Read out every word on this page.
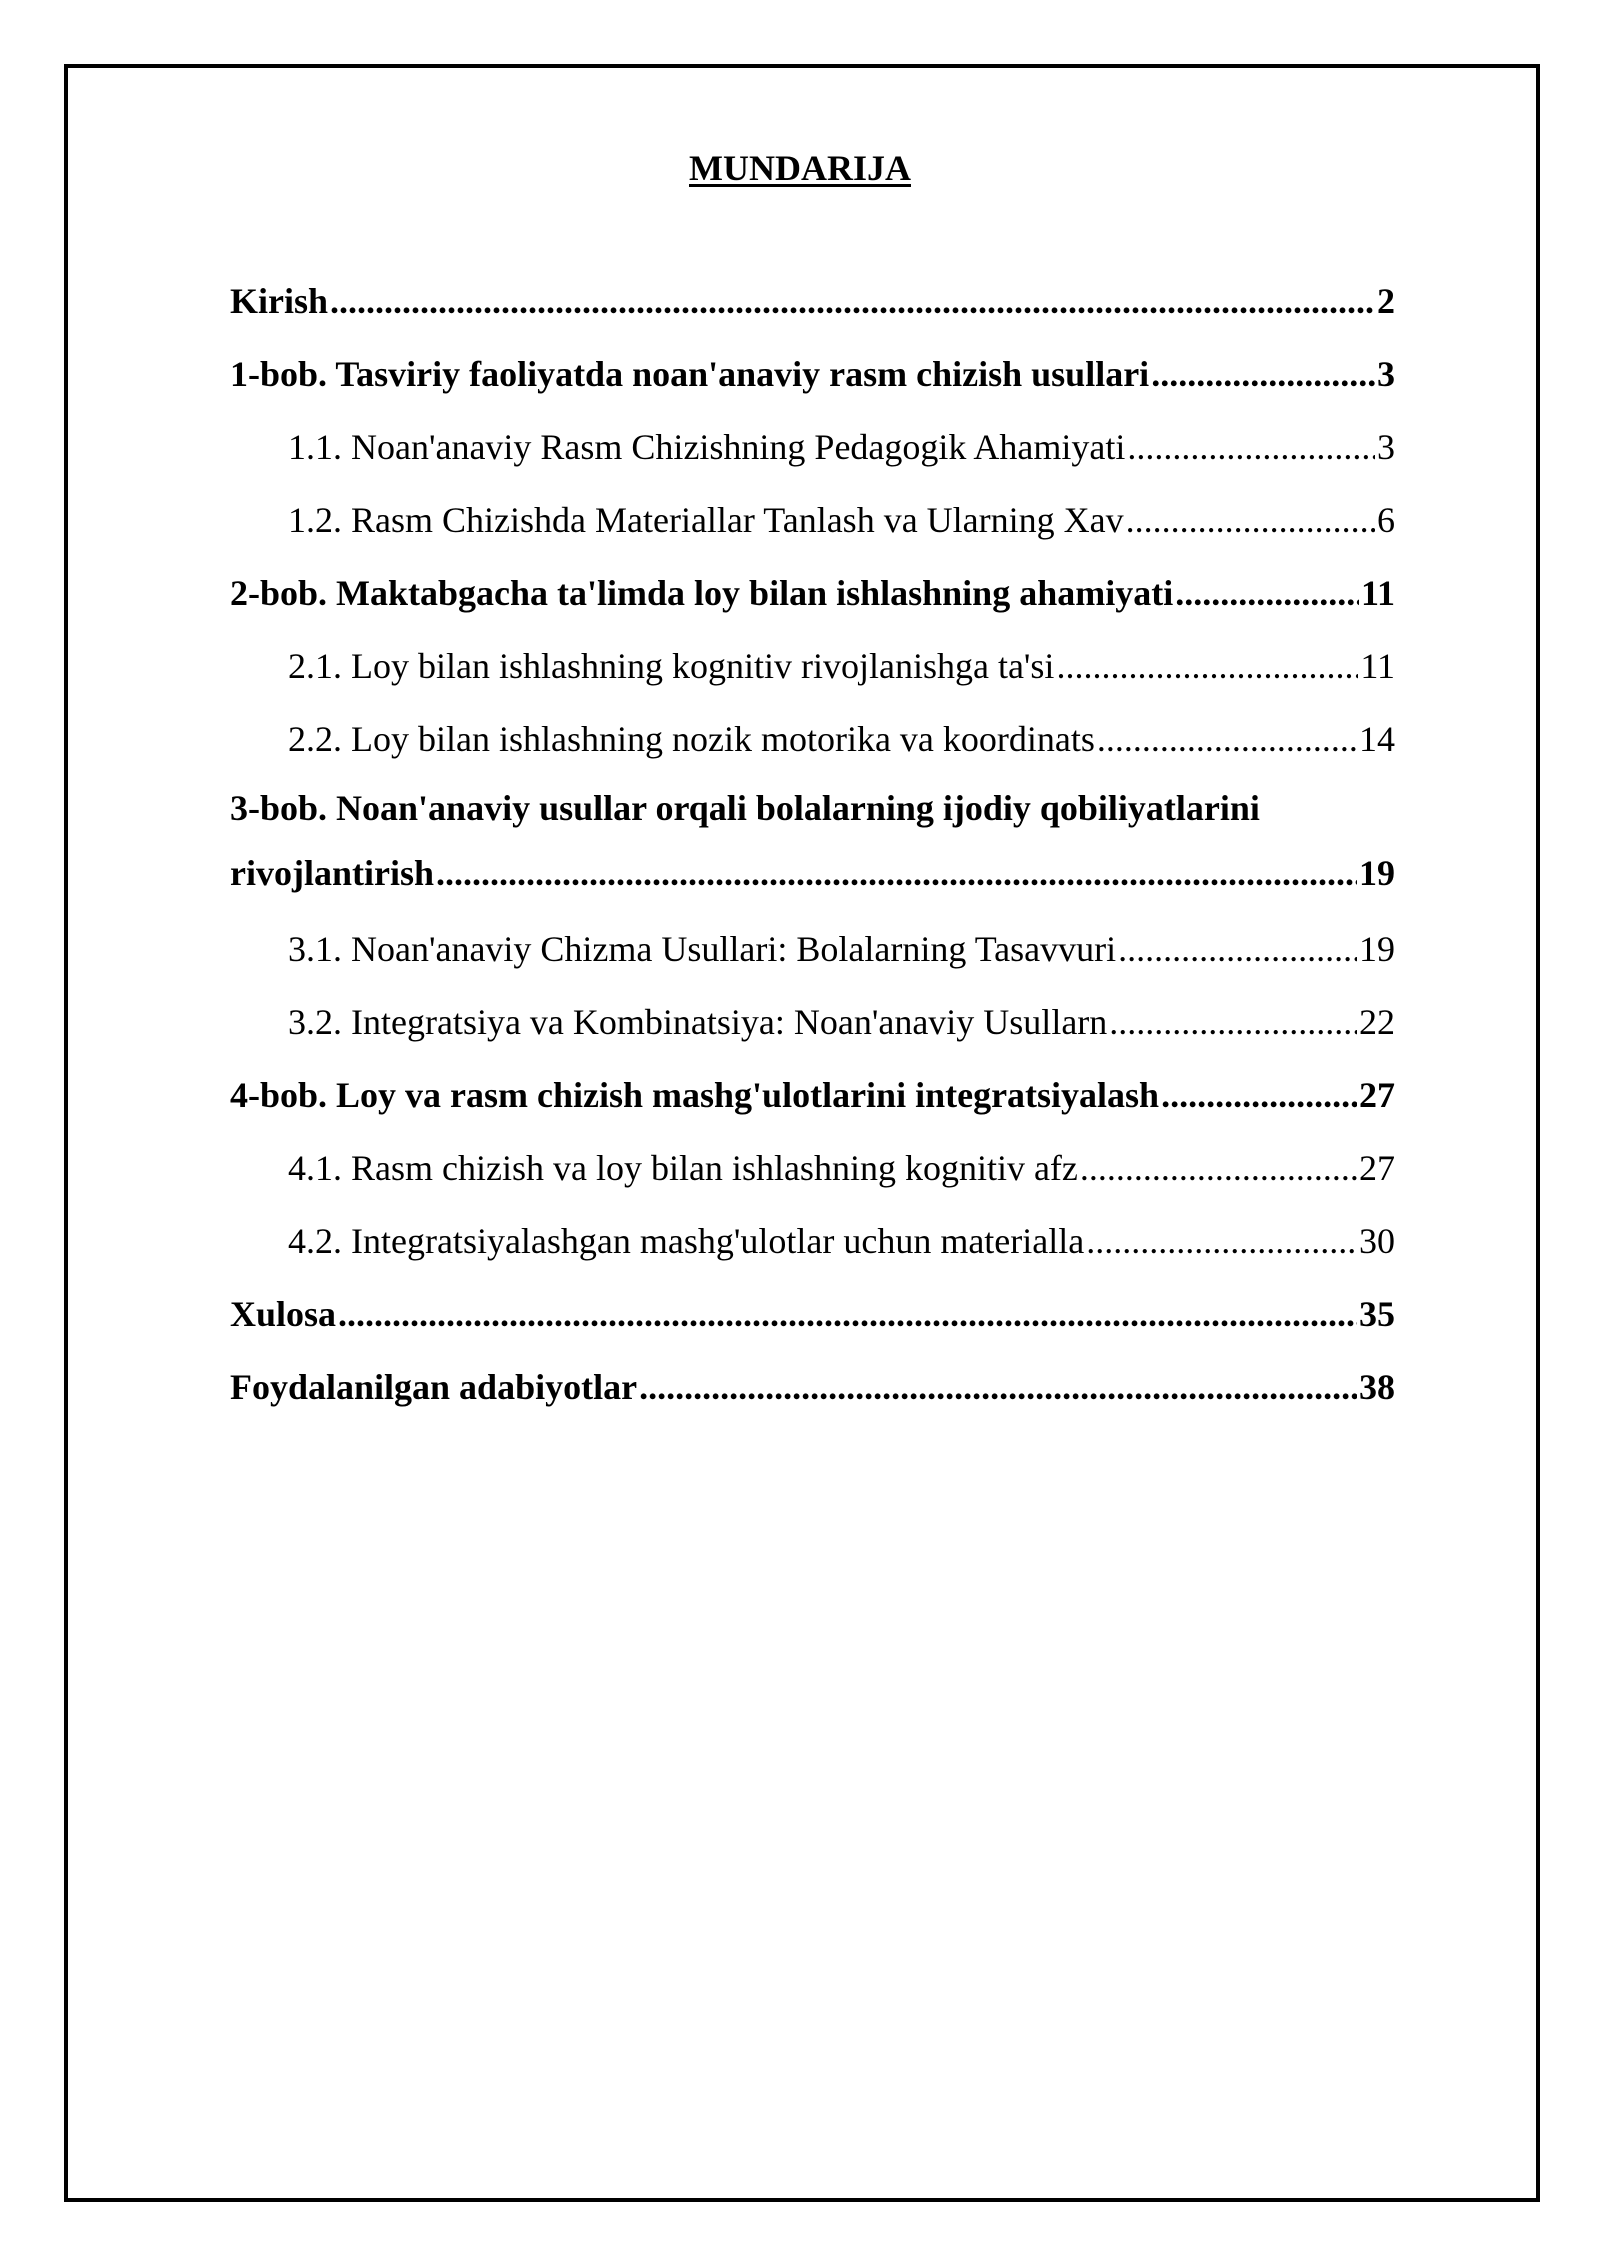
MUNDARIJA
Kirish .....	2
1-bob. Tasviriy faoliyatda noan'anaviy rasm chizish usullari .....	3
1.1. Noan'anaviy Rasm Chizishning Pedagogik Ahamiyati .....	3
1.2. Rasm Chizishda Materiallar Tanlash va Ularning Xav .....	6
2-bob. Maktabgacha ta'limda loy bilan ishlashning ahamiyati .....	11
2.1. Loy bilan ishlashning kognitiv rivojlanishga ta'si .....	11
2.2. Loy bilan ishlashning nozik motorika va koordinats .....	14
3-bob. Noan'anaviy usullar orqali bolalarning ijodiy qobiliyatlarini
rivojlantirish .....	19
3.1. Noan'anaviy Chizma Usullari: Bolalarning Tasavvuri .....	19
3.2. Integratsiya va Kombinatsiya: Noan'anaviy Usullarn .....	22
4-bob. Loy va rasm chizish mashg'ulotlarini integratsiyalash .....	27
4.1. Rasm chizish va loy bilan ishlashning kognitiv afz .....	27
4.2. Integratsiyalashgan mashg'ulotlar uchun materialla .....	30
Xulosa .....	35
Foydalanilgan adabiyotlar .....	38
